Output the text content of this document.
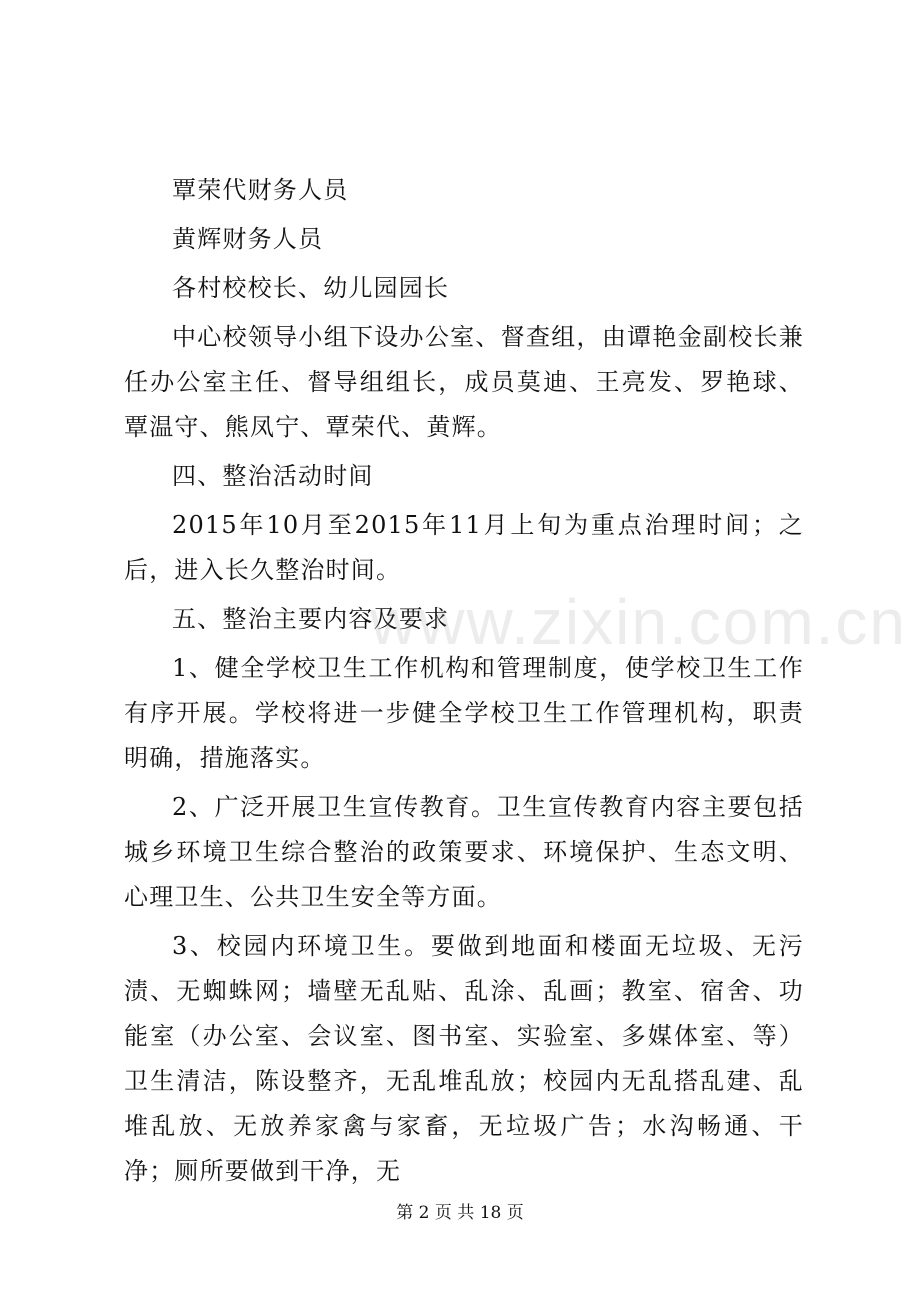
覃荣代财务人员

黄辉财务人员

各村校校长、幼儿园园长

中心校领导小组下设办公室、督查组，由谭艳金副校长兼任办公室主任、督导组组长，成员莫迪、王亮发、罗艳球、覃温守、熊凤宁、覃荣代、黄辉。

四、整治活动时间

2015年10月至2015年11月上旬为重点治理时间；之后，进入长久整治时间。

五、整治主要内容及要求

1、健全学校卫生工作机构和管理制度，使学校卫生工作有序开展。学校将进一步健全学校卫生工作管理机构，职责明确，措施落实。

2、广泛开展卫生宣传教育。卫生宣传教育内容主要包括城乡环境卫生综合整治的政策要求、环境保护、生态文明、心理卫生、公共卫生安全等方面。

3、校园内环境卫生。要做到地面和楼面无垃圾、无污渍、无蜘蛛网；墙壁无乱贴、乱涂、乱画；教室、宿舍、功能室（办公室、会议室、图书室、实验室、多媒体室、等）卫生清洁，陈设整齐，无乱堆乱放；校园内无乱搭乱建、乱堆乱放、无放养家禽与家畜，无垃圾广告；水沟畅通、干净；厕所要做到干净，无

www.zixin.com.cn
第 2 页 共 18 页
